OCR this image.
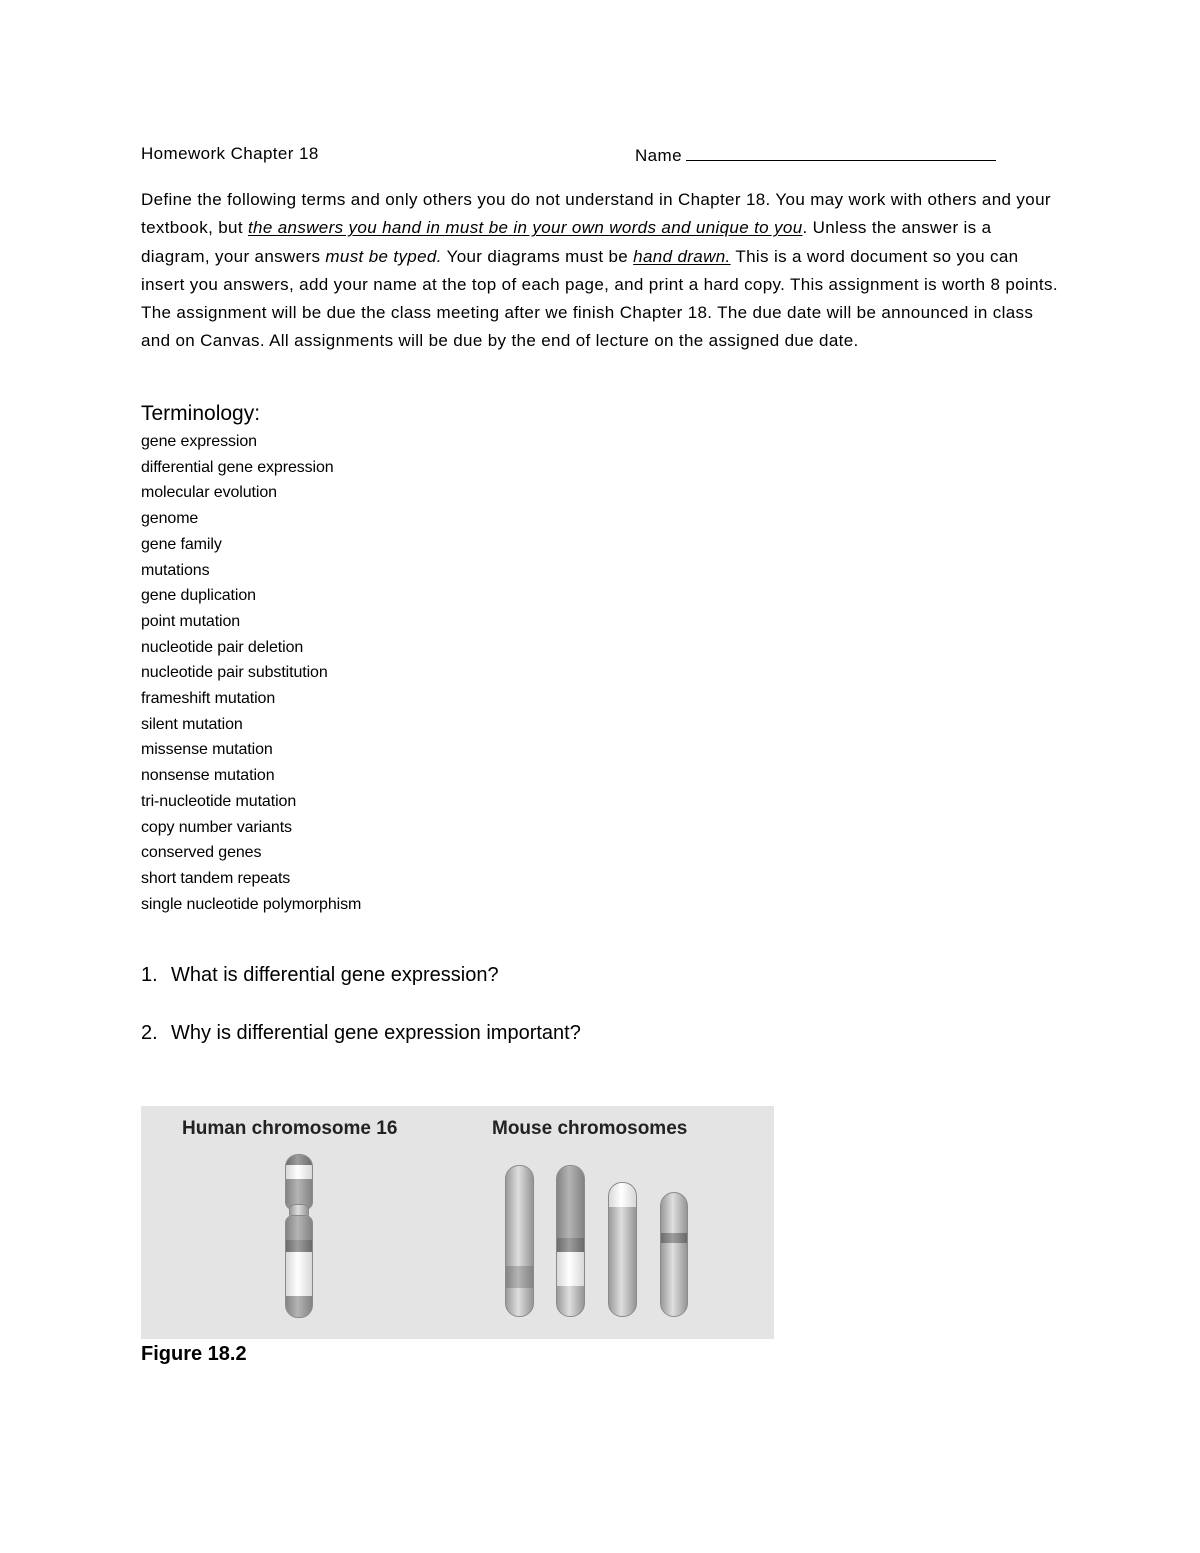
Homework Chapter 18	Name
Define the following terms and only others you do not understand in Chapter 18. You may work with others and your textbook, but the answers you hand in must be in your own words and unique to you. Unless the answer is a diagram, your answers must be typed. Your diagrams must be hand drawn. This is a word document so you can insert you answers, add your name at the top of each page, and print a hard copy. This assignment is worth 8 points. The assignment will be due the class meeting after we finish Chapter 18. The due date will be announced in class and on Canvas. All assignments will be due by the end of lecture on the assigned due date.
Terminology:
gene expression
differential gene expression
molecular evolution
genome
gene family
mutations
gene duplication
point mutation
nucleotide pair deletion
nucleotide pair substitution
frameshift mutation
silent mutation
missense mutation
nonsense mutation
tri-nucleotide mutation
copy number variants
conserved genes
short tandem repeats
single nucleotide polymorphism
1. What is differential gene expression?
2. Why is differential gene expression important?
Human chromosome 16	Mouse chromosomes
Figure 18.2
